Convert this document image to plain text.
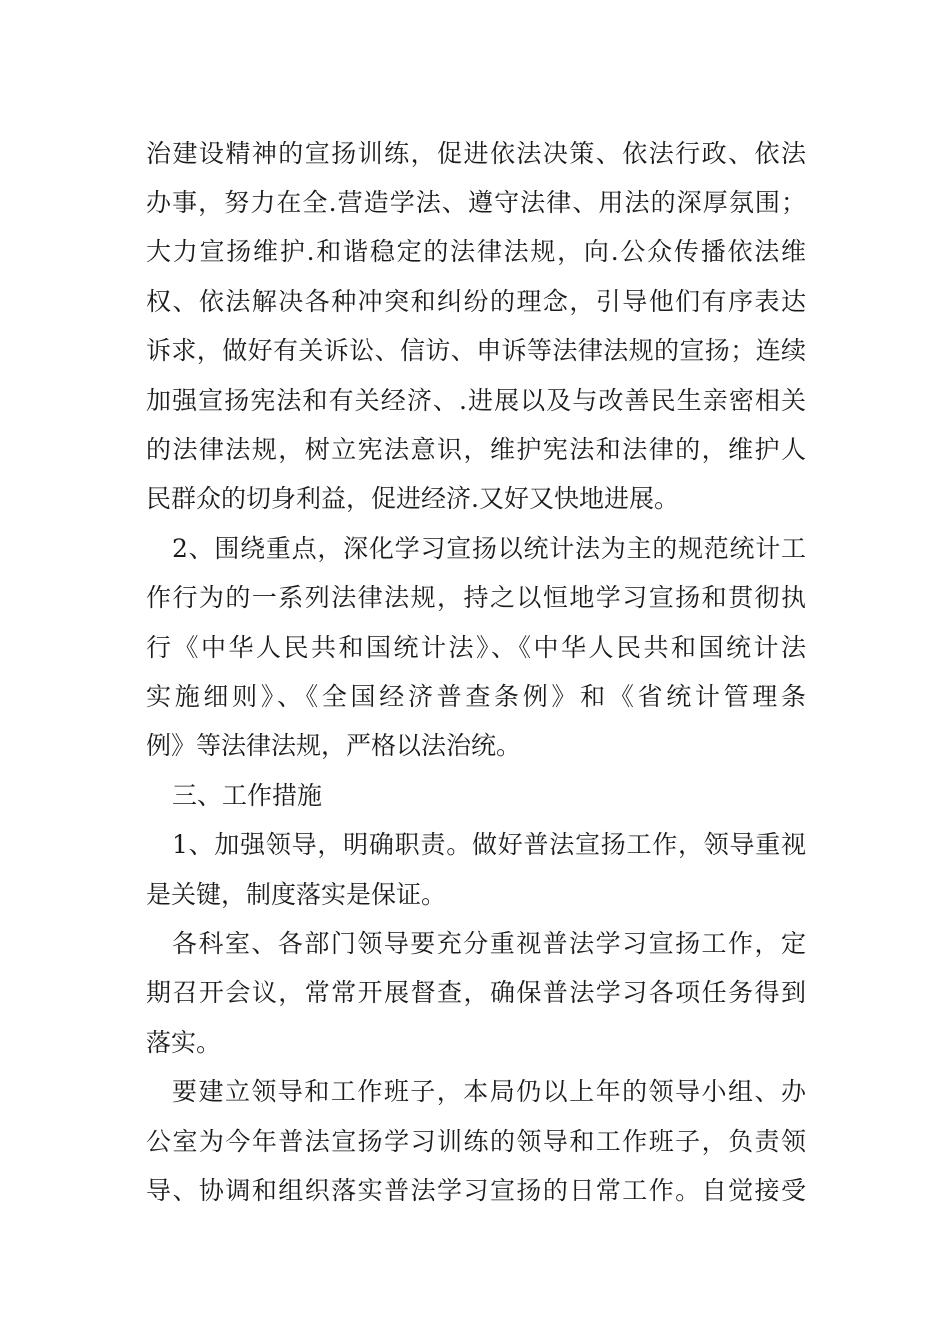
治建设精神的宣扬训练，促进依法决策、依法行政、依法
办事，努力在全.营造学法、遵守法律、用法的深厚氛围；
大力宣扬维护.和谐稳定的法律法规，向.公众传播依法维
权、依法解决各种冲突和纠纷的理念，引导他们有序表达
诉求，做好有关诉讼、信访、申诉等法律法规的宣扬；连续
加强宣扬宪法和有关经济、.进展以及与改善民生亲密相关
的法律法规，树立宪法意识，维护宪法和法律的，维护人
民群众的切身利益，促进经济.又好又快地进展。
2、围绕重点，深化学习宣扬以统计法为主的规范统计工
作行为的一系列法律法规，持之以恒地学习宣扬和贯彻执
行《中华人民共和国统计法》、《中华人民共和国统计法
实施细则》、《全国经济普查条例》和《省统计管理条
例》等法律法规，严格以法治统。
三、工作措施
1、加强领导，明确职责。做好普法宣扬工作，领导重视
是关键，制度落实是保证。
各科室、各部门领导要充分重视普法学习宣扬工作，定
期召开会议，常常开展督查，确保普法学习各项任务得到
落实。
要建立领导和工作班子，本局仍以上年的领导小组、办
公室为今年普法宣扬学习训练的领导和工作班子，负责领
导、协调和组织落实普法学习宣扬的日常工作。自觉接受
